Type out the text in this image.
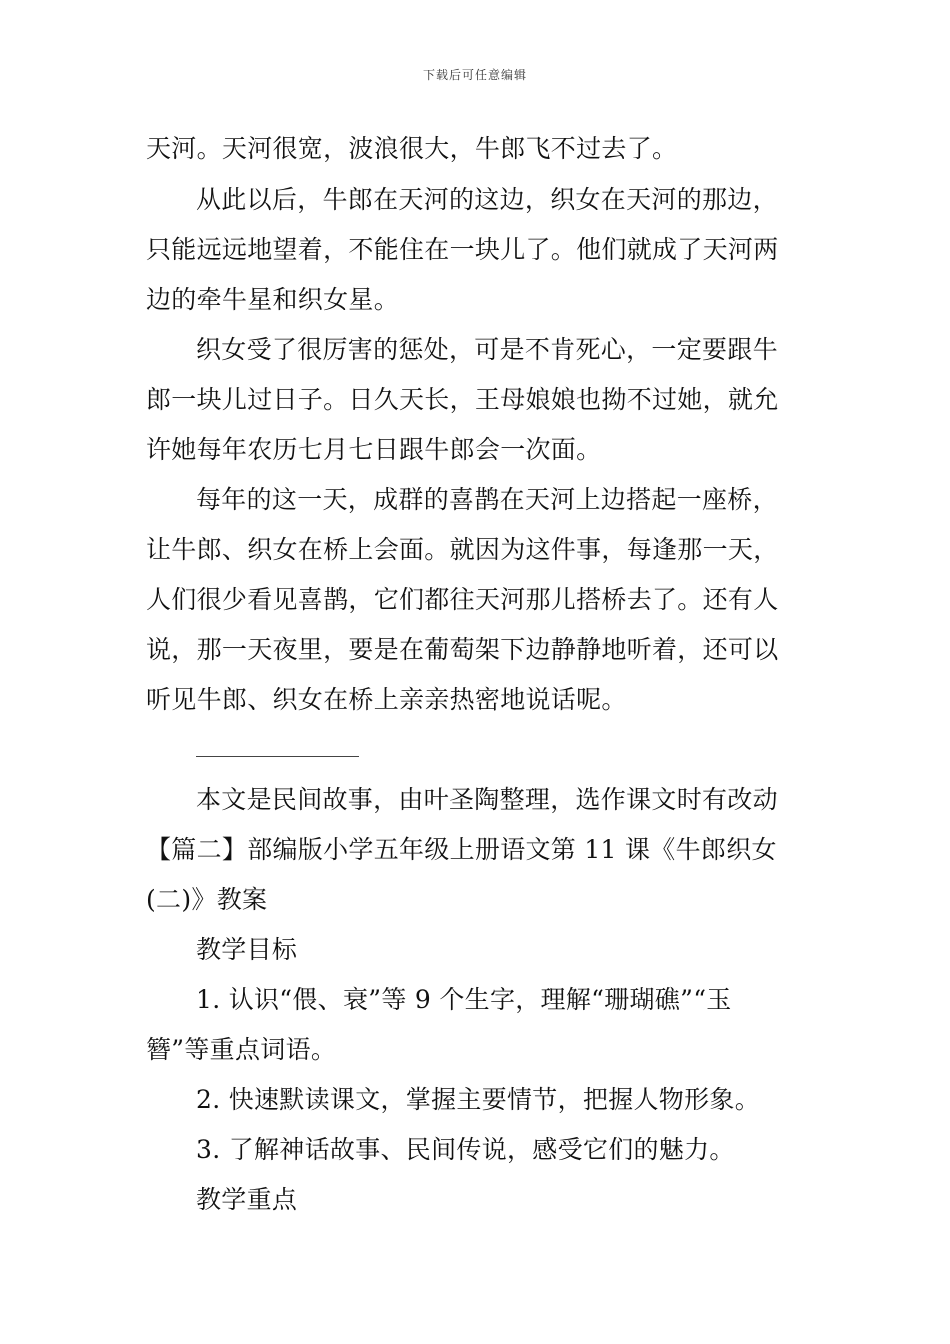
下载后可任意编辑
天河。天河很宽，波浪很大，牛郎飞不过去了。
从此以后，牛郎在天河的这边，织女在天河的那边，
只能远远地望着，不能住在一块儿了。他们就成了天河两
边的牵牛星和织女星。
织女受了很厉害的惩处，可是不肯死心，一定要跟牛
郎一块儿过日子。日久天长，王母娘娘也拗不过她，就允
许她每年农历七月七日跟牛郎会一次面。
每年的这一天，成群的喜鹊在天河上边搭起一座桥，
让牛郎、织女在桥上会面。就因为这件事，每逢那一天，
人们很少看见喜鹊，它们都往天河那儿搭桥去了。还有人
说，那一天夜里，要是在葡萄架下边静静地听着，还可以
听见牛郎、织女在桥上亲亲热密地说话呢。
本文是民间故事，由叶圣陶整理，选作课文时有改动
【篇二】部编版小学五年级上册语文第 11 课《牛郎织女
(二)》教案
教学目标
1. 认识“偎、衰”等 9 个生字，理解“珊瑚礁”“玉
簪”等重点词语。
2. 快速默读课文，掌握主要情节，把握人物形象。
3. 了解神话故事、民间传说，感受它们的魅力。
教学重点
